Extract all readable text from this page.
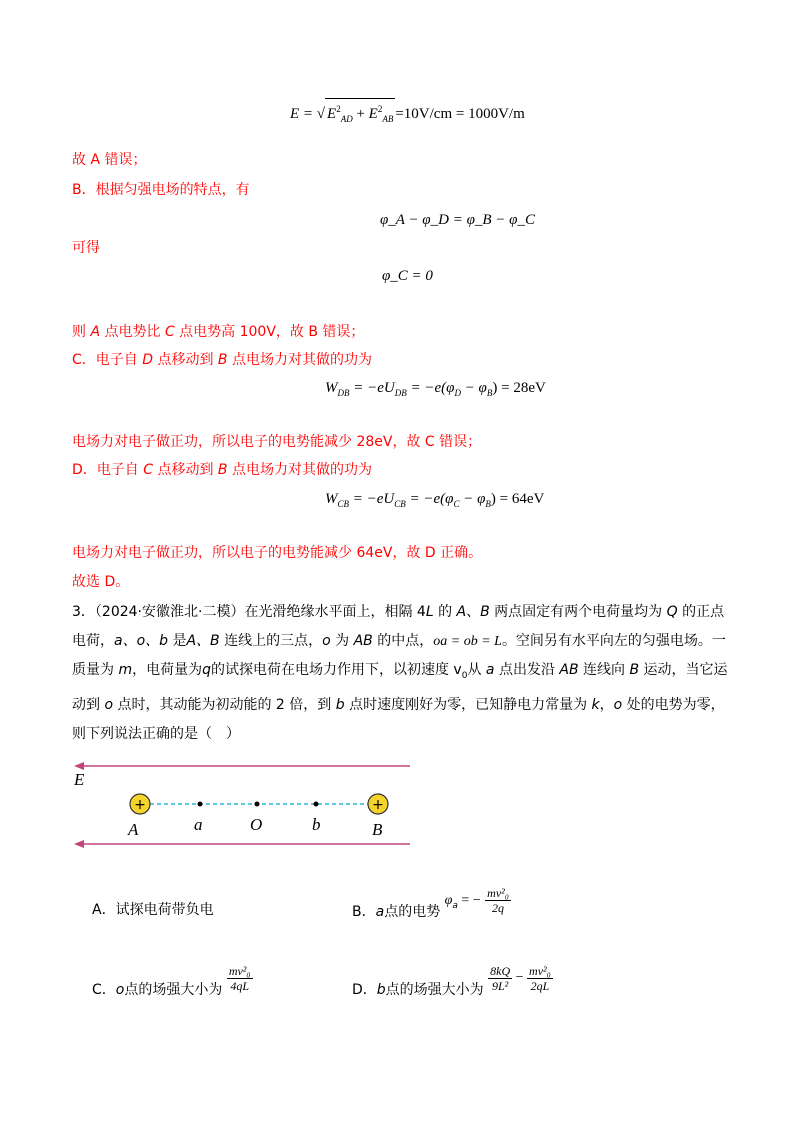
E = √ $E^2_{AD} + E^2_{AB} =10V/cm = 1000V/m$
故 A 错误；
B．根据匀强电场的特点，有
φ_A − φ_D = φ_B − φ_C
可得
φ_C = 0
则 A 点电势比 C 点电势高 100V，故 B 错误；
C．电子自 D 点移动到 B 点电场力对其做的功为
$W_{DB} = -eU_{DB} = -e(\varphi_D - \varphi_B) = 28eV$
电场力对电子做正功，所以电子的电势能减少 28eV，故 C 错误；
D．电子自 C 点移动到 B 点电场力对其做的功为
$W_{CB} = -eU_{CB} = -e(\varphi_C - \varphi_B) = 64eV$
电场力对电子做正功，所以电子的电势能减少 64eV，故 D 正确。
故选 D。
3．（2024·安徽淮北·二模）在光滑绝缘水平面上，相隔 4L 的 A、B 两点固定有两个电荷量均为 Q 的正点电荷，a、o、b 是A、B 连线上的三点，o 为 AB 的中点，oa = ob = L。空间另有水平向左的匀强电场。一质量为 m，电荷量为q的试探电荷在电场力作用下，以初速度 $v_0$从 a 点出发沿 AB 连线向 B 运动，当它运动到 o 点时，其动能为初动能的 2 倍，到 b 点时速度刚好为零，已知静电力常量为 k，o 处的电势为零，则下列说法正确的是（　）
+	+
E
A	a	O	b	B
A．试探电荷带负电	B．a点的电势 $\varphi_a$ = − $\frac{\text{mv²₀}}{2q}$
C．o点的场强大小为 $\frac{\text{mv²₀}}{4qL}$	D．b点的场强大小为 $\frac{8kQ}{\text{9L²}} - \frac{\text{mv²₀}}{2qL}$
